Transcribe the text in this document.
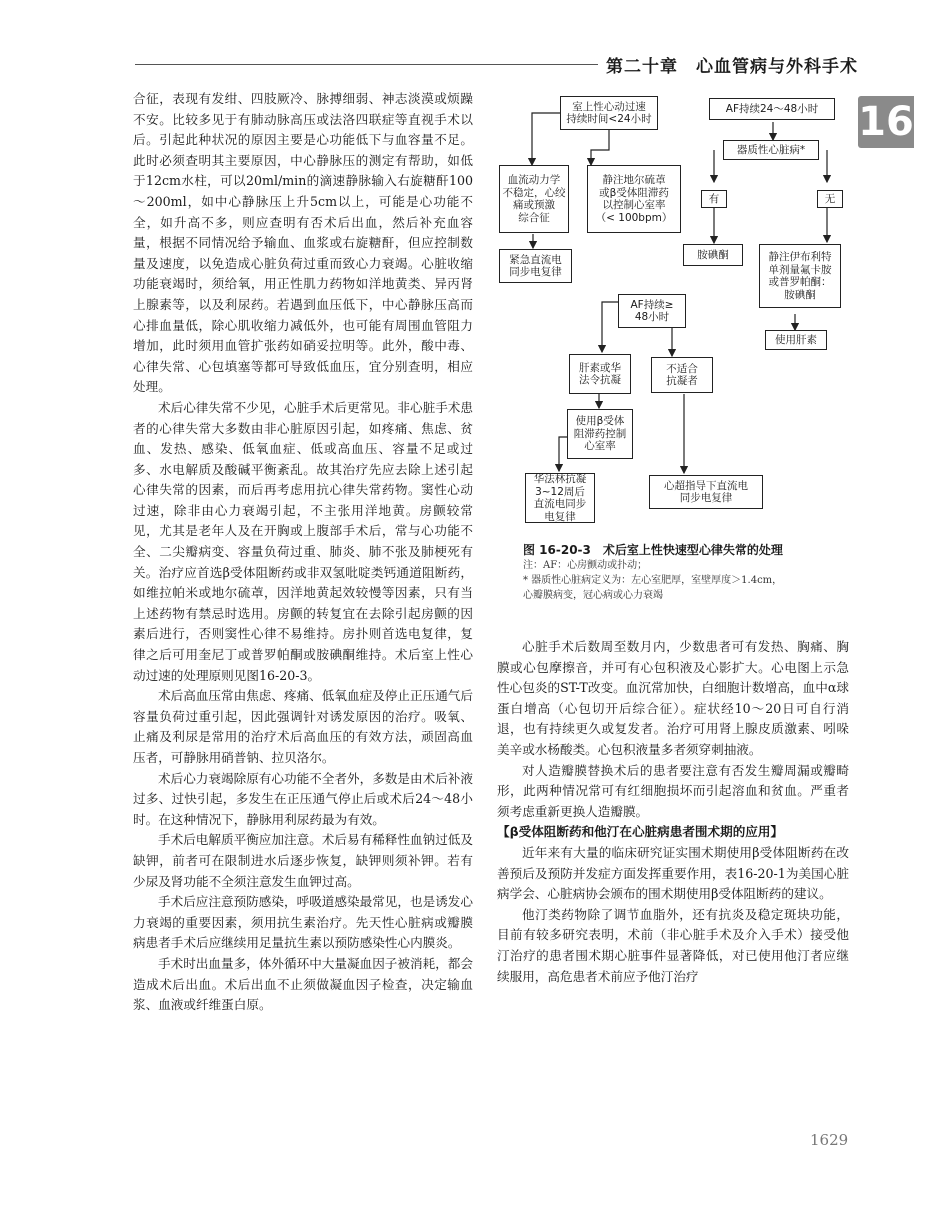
第二十章　心血管病与外科手术
16

合征，表现有发绀、四肢厥冷、脉搏细弱、神志淡漠或烦躁不安。比较多见于有肺动脉高压或法洛四联症等直视手术以后。引起此种状况的原因主要是心功能低下与血容量不足。此时必须查明其主要原因，中心静脉压的测定有帮助，如低于12cm水柱，可以20ml/min的滴速静脉输入右旋糖酐100～200ml，如中心静脉压上升5cm以上，可能是心功能不全，如升高不多，则应查明有否术后出血，然后补充血容量，根据不同情况给予输血、血浆或右旋糖酐，但应控制数量及速度，以免造成心脏负荷过重而致心力衰竭。心脏收缩功能衰竭时，须给氧，用正性肌力药物如洋地黄类、异丙肾上腺素等，以及利尿药。若遇到血压低下，中心静脉压高而心排血量低，除心肌收缩力减低外，也可能有周围血管阻力增加，此时须用血管扩张药如硝妥拉明等。此外，酸中毒、心律失常、心包填塞等都可导致低血压，宜分别查明，相应处理。

术后心律失常不少见，心脏手术后更常见。非心脏手术患者的心律失常大多数由非心脏原因引起，如疼痛、焦虑、贫血、发热、感染、低氧血症、低或高血压、容量不足或过多、水电解质及酸碱平衡紊乱。故其治疗先应去除上述引起心律失常的因素，而后再考虑用抗心律失常药物。窦性心动过速，除非由心力衰竭引起，不主张用洋地黄。房颤较常见，尤其是老年人及在开胸或上腹部手术后，常与心功能不全、二尖瓣病变、容量负荷过重、肺炎、肺不张及肺梗死有关。治疗应首选β受体阻断药或非双氢吡啶类钙通道阻断药，如维拉帕米或地尔硫䓬，因洋地黄起效较慢等因素，只有当上述药物有禁忌时选用。房颤的转复宜在去除引起房颤的因素后进行，否则窦性心律不易维持。房扑则首选电复律，复律之后可用奎尼丁或普罗帕酮或胺碘酮维持。术后室上性心动过速的处理原则见图16-20-3。

术后高血压常由焦虑、疼痛、低氧血症及停止正压通气后容量负荷过重引起，因此强调针对诱发原因的治疗。吸氧、止痛及利尿是常用的治疗术后高血压的有效方法，顽固高血压者，可静脉用硝普钠、拉贝洛尔。

术后心力衰竭除原有心功能不全者外，多数是由术后补液过多、过快引起，多发生在正压通气停止后或术后24～48小时。在这种情况下，静脉用利尿药最为有效。

手术后电解质平衡应加注意。术后易有稀释性血钠过低及缺钾，前者可在限制进水后逐步恢复，缺钾则须补钾。若有少尿及肾功能不全须注意发生血钾过高。

手术后应注意预防感染，呼吸道感染最常见，也是诱发心力衰竭的重要因素，须用抗生素治疗。先天性心脏病或瓣膜病患者手术后应继续用足量抗生素以预防感染性心内膜炎。

手术时出血量多，体外循环中大量凝血因子被消耗，都会造成术后出血。术后出血不止须做凝血因子检查，决定输血浆、血液或纤维蛋白原。

室上性心动过速
持续时间<24小时
AF持续24～48小时
血流动力学
不稳定，心绞
痛或预激
综合征
静注地尔硫䓬
或β受体阻滞药
以控制心室率
（< 100bpm）
器质性心脏病*
有	无
紧急直流电
同步电复律
胺碘酮	静注伊布利特
单剂量氟卡胺
或普罗帕酮：
胺碘酮
AF持续≥
48小时
使用肝素
肝素或华
法令抗凝
不适合
抗凝者
使用β受体
阻滞药控制
心室率
华法林抗凝
3~12周后
直流电同步
电复律
心超指导下直流电
同步电复律
图 16-20-3　术后室上性快速型心律失常的处理
注：AF：心房颤动或扑动；
* 器质性心脏病定义为：左心室肥厚，室壁厚度＞1.4cm，
心瓣膜病变，冠心病或心力衰竭

心脏手术后数周至数月内，少数患者可有发热、胸痛、胸膜或心包摩擦音，并可有心包积液及心影扩大。心电图上示急性心包炎的ST-T改变。血沉常加快，白细胞计数增高，血中α球蛋白增高（心包切开后综合征）。症状经10～20日可自行消退，也有持续更久或复发者。治疗可用肾上腺皮质激素、吲哚美辛或水杨酸类。心包积液量多者须穿刺抽液。

对人造瓣膜替换术后的患者要注意有否发生瓣周漏或瓣畸形，此两种情况常可有红细胞损坏而引起溶血和贫血。严重者须考虑重新更换人造瓣膜。

【β受体阻断药和他汀在心脏病患者围术期的应用】

近年来有大量的临床研究证实围术期使用β受体阻断药在改善预后及预防并发症方面发挥重要作用，表16-20-1为美国心脏病学会、心脏病协会颁布的围术期使用β受体阻断药的建议。

他汀类药物除了调节血脂外，还有抗炎及稳定斑块功能，目前有较多研究表明，术前（非心脏手术及介入手术）接受他汀治疗的患者围术期心脏事件显著降低，对已使用他汀者应继续服用，高危患者术前应予他汀治疗

1629
